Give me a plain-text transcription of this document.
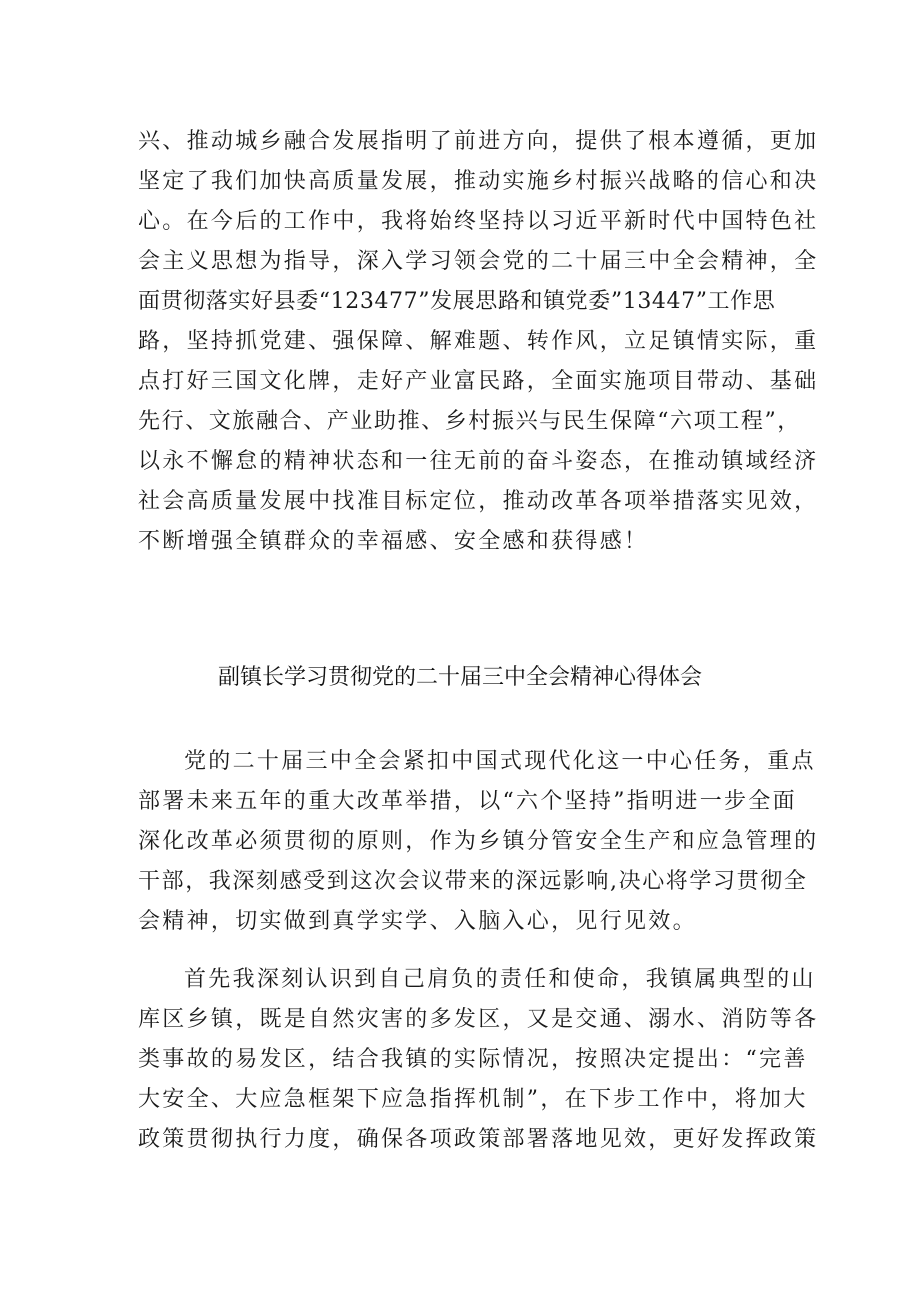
兴、推动城乡融合发展指明了前进方向，提供了根本遵循，更加
坚定了我们加快高质量发展，推动实施乡村振兴战略的信心和决
心。在今后的工作中，我将始终坚持以习近平新时代中国特色社
会主义思想为指导，深入学习领会党的二十届三中全会精神，全
面贯彻落实好县委“123477”发展思路和镇党委”13447”工作思
路，坚持抓党建、强保障、解难题、转作风，立足镇情实际，重
点打好三国文化牌，走好产业富民路，全面实施项目带动、基础
先行、文旅融合、产业助推、乡村振兴与民生保障“六项工程”，
以永不懈怠的精神状态和一往无前的奋斗姿态，在推动镇域经济
社会高质量发展中找准目标定位，推动改革各项举措落实见效，
不断增强全镇群众的幸福感、安全感和获得感！
副镇长学习贯彻党的二十届三中全会精神心得体会
党的二十届三中全会紧扣中国式现代化这一中心任务，重点
部署未来五年的重大改革举措，以“六个坚持”指明进一步全面
深化改革必须贯彻的原则，作为乡镇分管安全生产和应急管理的
干部，我深刻感受到这次会议带来的深远影响,决心将学习贯彻全
会精神，切实做到真学实学、入脑入心，见行见效。
首先我深刻认识到自己肩负的责任和使命，我镇属典型的山
库区乡镇，既是自然灾害的多发区，又是交通、溺水、消防等各
类事故的易发区，结合我镇的实际情况，按照决定提出：“完善
大安全、大应急框架下应急指挥机制”，在下步工作中，将加大
政策贯彻执行力度，确保各项政策部署落地见效，更好发挥政策
